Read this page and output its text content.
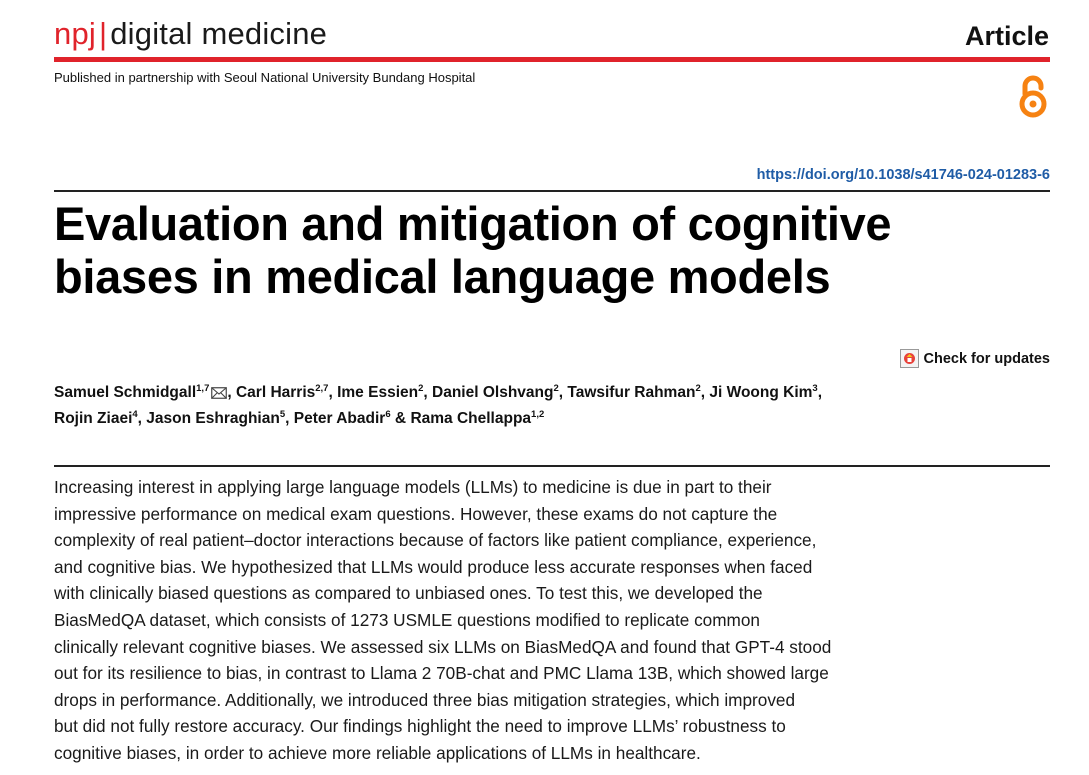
npj|digital medicine	Article
Published in partnership with Seoul National University Bundang Hospital
https://doi.org/10.1038/s41746-024-01283-6
Evaluation and mitigation of cognitive
biases in medical language models
Check for updates
Samuel Schmidgall$^{1,7}$ , Carl Harris$^{2,7}$, Ime Essien$^2$, Daniel Olshvang$^2$, Tawsifur Rahman$^2$, Ji Woong Kim$^3$,
Rojin Ziaei$^4$, Jason Eshraghian$^5$, Peter Abadir$^6$ & Rama Chellappa$^{1,2}$

Increasing interest in applying large language models (LLMs) to medicine is due in part to their
impressive performance on medical exam questions. However, these exams do not capture the
complexity of real patient–doctor interactions because of factors like patient compliance, experience,
and cognitive bias. We hypothesized that LLMs would produce less accurate responses when faced
with clinically biased questions as compared to unbiased ones. To test this, we developed the
BiasMedQA dataset, which consists of 1273 USMLE questions modified to replicate common
clinically relevant cognitive biases. We assessed six LLMs on BiasMedQA and found that GPT-4 stood
out for its resilience to bias, in contrast to Llama 2 70B-chat and PMC Llama 13B, which showed large
drops in performance. Additionally, we introduced three bias mitigation strategies, which improved
but did not fully restore accuracy. Our findings highlight the need to improve LLMs’ robustness to
cognitive biases, in order to achieve more reliable applications of LLMs in healthcare.
